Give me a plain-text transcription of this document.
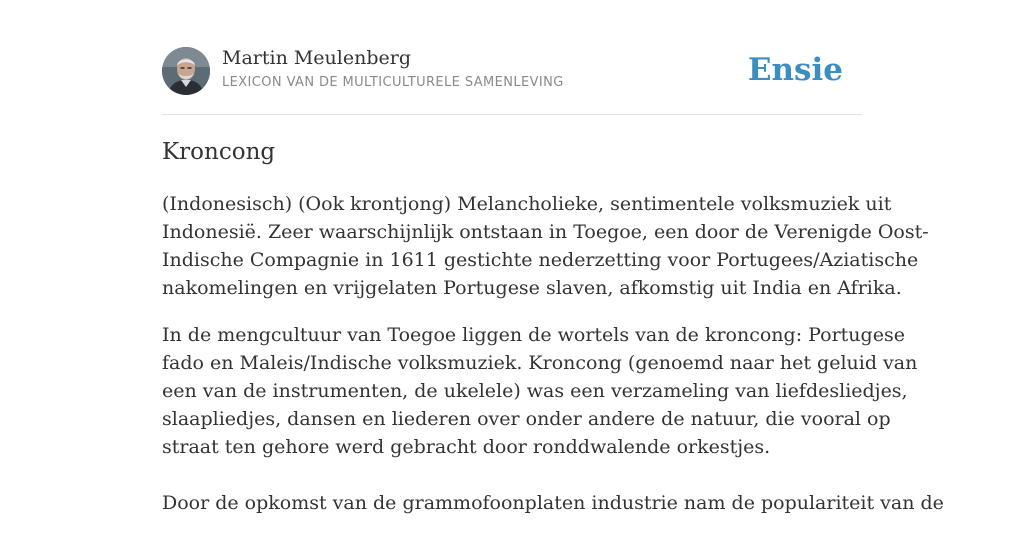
Martin Meulenberg
LEXICON VAN DE MULTICULTURELE SAMENLEVING	Ensie
Kroncong

(Indonesisch) (Ook krontjong) Melancholieke, sentimentele volksmuziek uit
Indonesië. Zeer waarschijnlijk ontstaan in Toegoe, een door de Verenigde Oost-
Indische Compagnie in 1611 gestichte nederzetting voor Portugees/Aziatische
nakomelingen en vrijgelaten Portugese slaven, afkomstig uit India en Afrika.

In de mengcultuur van Toegoe liggen de wortels van de kroncong: Portugese
fado en Maleis/Indische volksmuziek. Kroncong (genoemd naar het geluid van
een van de instrumenten, de ukelele) was een verzameling van liefdesliedjes,
slaapliedjes, dansen en liederen over onder andere de natuur, die vooral op
straat ten gehore werd gebracht door ronddwalende orkestjes.

Door de opkomst van de grammofoonplaten industrie nam de populariteit van de
